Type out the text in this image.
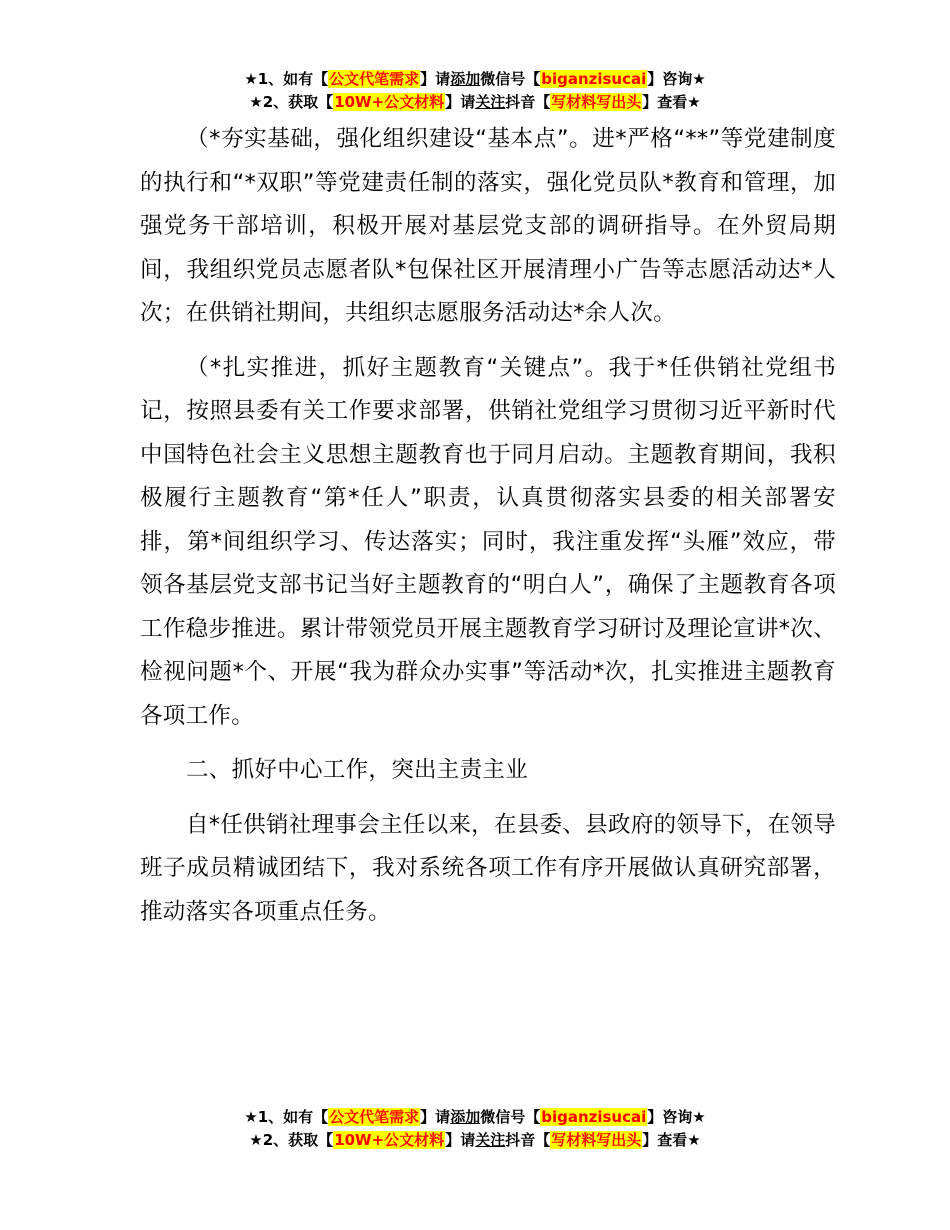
★1、如有【公文代笔需求】请添加微信号【biganzisucai】咨询★
★2、获取【10W+公文材料】请关注抖音【写材料写出头】查看★

（*夯实基础，强化组织建设“基本点”。进*严格“**”等党建制度的执行和“*双职”等党建责任制的落实，强化党员队*教育和管理，加强党务干部培训，积极开展对基层党支部的调研指导。在外贸局期间，我组织党员志愿者队*包保社区开展清理小广告等志愿活动达*人次；在供销社期间，共组织志愿服务活动达*余人次。

（*扎实推进，抓好主题教育“关键点”。我于*任供销社党组书记，按照县委有关工作要求部署，供销社党组学习贯彻习近平新时代中国特色社会主义思想主题教育也于同月启动。主题教育期间，我积极履行主题教育“第*任人”职责，认真贯彻落实县委的相关部署安排，第*间组织学习、传达落实；同时，我注重发挥“头雁”效应，带领各基层党支部书记当好主题教育的“明白人”，确保了主题教育各项工作稳步推进。累计带领党员开展主题教育学习研讨及理论宣讲*次、检视问题*个、开展“我为群众办实事”等活动*次，扎实推进主题教育各项工作。

二、抓好中心工作，突出主责主业

自*任供销社理事会主任以来，在县委、县政府的领导下，在领导班子成员精诚团结下，我对系统各项工作有序开展做认真研究部署，推动落实各项重点任务。

★1、如有【公文代笔需求】请添加微信号【biganzisucai】咨询★
★2、获取【10W+公文材料】请关注抖音【写材料写出头】查看★
